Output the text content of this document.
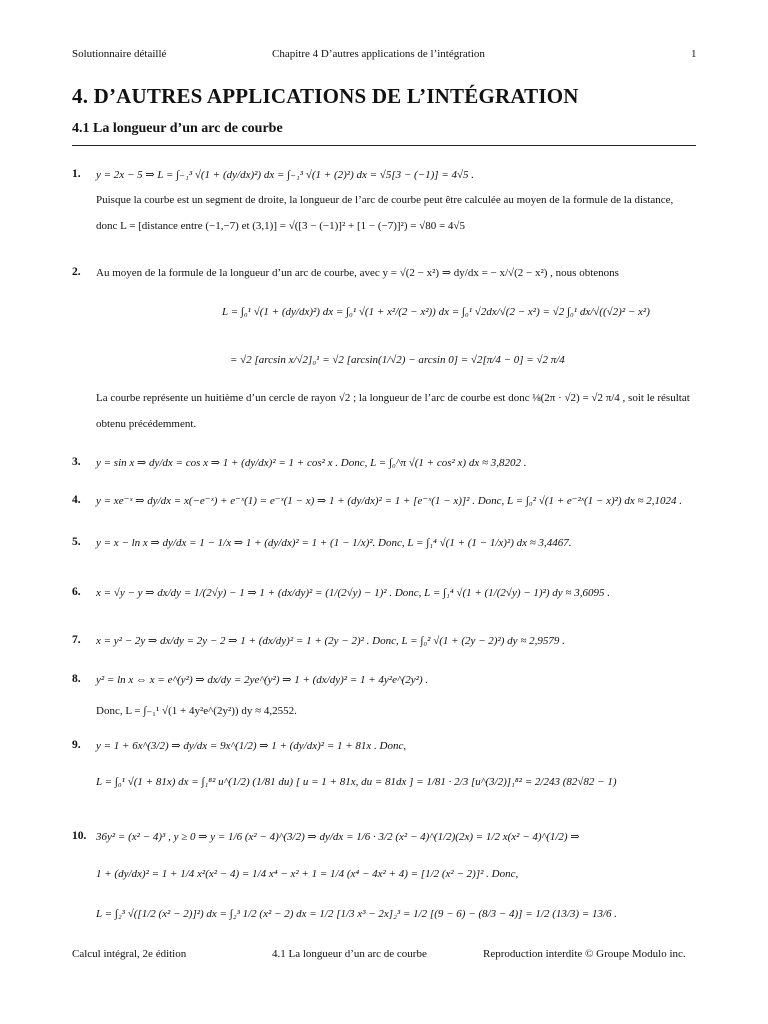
Solutionnaire détaillé	Chapitre 4 D’autres applications de l’intégration	1
4. D’AUTRES APPLICATIONS DE L’INTÉGRATION
4.1 La longueur d’un arc de courbe
1. y = 2x − 5 ⇒ L = ∫₋₁³ √(1 + (dy/dx)²) dx = ∫₋₁³ √(1 + (2)²) dx = √5[3 − (−1)] = 4√5 .
Puisque la courbe est un segment de droite, la longueur de l’arc de courbe peut être calculée au moyen de la formule de la distance,
donc L = [distance entre (−1,−7) et (3,1)] = √([3 − (−1)]² + [1 − (−7)]²) = √80 = 4√5
2. Au moyen de la formule de la longueur d’un arc de courbe, avec y = √(2 − x²) ⇒ dy/dx = − x/√(2 − x²) , nous obtenons
L = ∫₀¹ √(1 + (dy/dx)²) dx = ∫₀¹ √(1 + x²/(2 − x²)) dx = ∫₀¹ √2dx/√(2 − x²) = √2 ∫₀¹ dx/√((√2)² − x²)
= √2 [arcsin x/√2]₀¹ = √2 [arcsin(1/√2) − arcsin 0] = √2[π/4 − 0] = √2 π/4
La courbe représente un huitième d’un cercle de rayon √2 ; la longueur de l’arc de courbe est donc ⅛(2π · √2) = √2 π/4 , soit le résultat
obtenu précédemment.
3. y = sin x ⇒ dy/dx = cos x ⇒ 1 + (dy/dx)² = 1 + cos² x . Donc, L = ∫₀^π √(1 + cos² x) dx ≈ 3,8202 .
4. y = xe⁻ˣ ⇒ dy/dx = x(−e⁻ˣ) + e⁻ˣ(1) = e⁻ˣ(1 − x) ⇒ 1 + (dy/dx)² = 1 + [e⁻ˣ(1 − x)]² . Donc, L = ∫₀² √(1 + e⁻²ˣ(1 − x)²) dx ≈ 2,1024 .
5. y = x − ln x ⇒ dy/dx = 1 − 1/x ⇒ 1 + (dy/dx)² = 1 + (1 − 1/x)². Donc, L = ∫₁⁴ √(1 + (1 − 1/x)²) dx ≈ 3,4467.
6. x = √y − y ⇒ dx/dy = 1/(2√y) − 1 ⇒ 1 + (dx/dy)² = (1/(2√y) − 1)² . Donc, L = ∫₁⁴ √(1 + (1/(2√y) − 1)²) dy ≈ 3,6095 .
7. x = y² − 2y ⇒ dx/dy = 2y − 2 ⇒ 1 + (dx/dy)² = 1 + (2y − 2)² . Donc, L = ∫₀² √(1 + (2y − 2)²) dy ≈ 2,9579 .
8. y² = ln x ⇔ x = e^(y²) ⇒ dx/dy = 2ye^(y²) ⇒ 1 + (dx/dy)² = 1 + 4y²e^(2y²) .
Donc, L = ∫₋₁¹ √(1 + 4y²e^(2y²)) dy ≈ 4,2552.
9. y = 1 + 6x^(3/2) ⇒ dy/dx = 9x^(1/2) ⇒ 1 + (dy/dx)² = 1 + 81x . Donc,
L = ∫₀¹ √(1 + 81x) dx = ∫₁⁸² u^(1/2) (1/81 du) [ u = 1 + 81x, du = 81dx ] = 1/81 · 2/3 [u^(3/2)]₁⁸² = 2/243 (82√82 − 1)
10. 36y² = (x² − 4)³ , y ≥ 0 ⇒ y = 1/6 (x² − 4)^(3/2) ⇒ dy/dx = 1/6 · 3/2 (x² − 4)^(1/2)(2x) = 1/2 x(x² − 4)^(1/2) ⇒
1 + (dy/dx)² = 1 + 1/4 x²(x² − 4) = 1/4 x⁴ − x² + 1 = 1/4 (x⁴ − 4x² + 4) = [1/2 (x² − 2)]² . Donc,
L = ∫₂³ √([1/2 (x² − 2)]²) dx = ∫₂³ 1/2 (x² − 2) dx = 1/2 [1/3 x³ − 2x]₂³ = 1/2 [(9 − 6) − (8/3 − 4)] = 1/2 (13/3) = 13/6 .
Calcul intégral, 2e édition	4.1 La longueur d’un arc de courbe	Reproduction interdite © Groupe Modulo inc.
